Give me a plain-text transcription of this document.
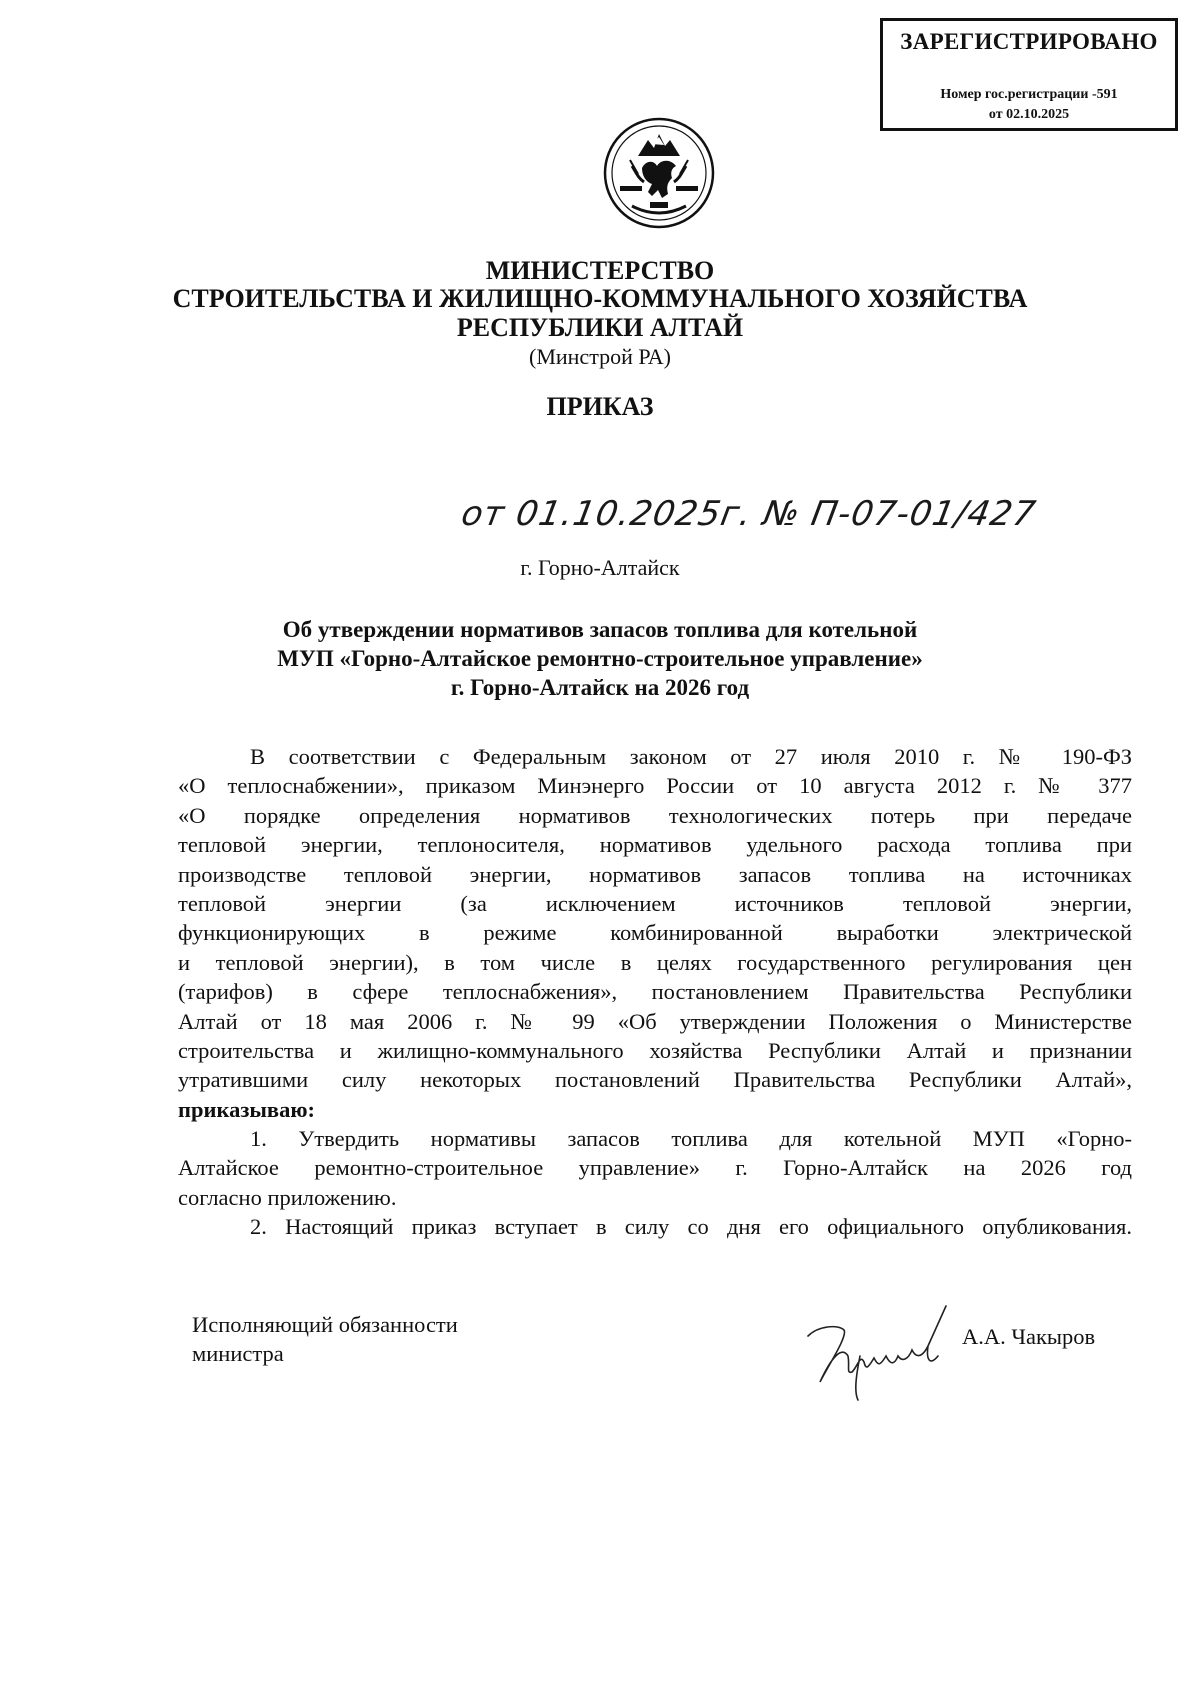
ЗАРЕГИСТРИРОВАНО
Номер гос.регистрации -591
от 02.10.2025
МИНИСТЕРСТВО
СТРОИТЕЛЬСТВА И ЖИЛИЩНО-КОММУНАЛЬНОГО ХОЗЯЙСТВА
РЕСПУБЛИКИ АЛТАЙ
(Минстрой РА)
ПРИКАЗ
от 01.10.2025г. № П-07-01/427
г. Горно-Алтайск
Об утверждении нормативов запасов топлива для котельной
МУП «Горно-Алтайское ремонтно-строительное управление»
г. Горно-Алтайск на 2026 год
В соответствии с Федеральным законом от 27 июля 2010 г. № 190-ФЗ
«О теплоснабжении», приказом Минэнерго России от 10 августа 2012 г. № 377
«О порядке определения нормативов технологических потерь при передаче
тепловой энергии, теплоносителя, нормативов удельного расхода топлива при
производстве тепловой энергии, нормативов запасов топлива на источниках
тепловой энергии (за исключением источников тепловой энергии,
функционирующих в режиме комбинированной выработки электрической
и тепловой энергии), в том числе в целях государственного регулирования цен
(тарифов) в сфере теплоснабжения», постановлением Правительства Республики
Алтай от 18 мая 2006 г. № 99 «Об утверждении Положения о Министерстве
строительства и жилищно-коммунального хозяйства Республики Алтай и признании
утратившими силу некоторых постановлений Правительства Республики Алтай»,
приказываю:
1. Утвердить нормативы запасов топлива для котельной МУП «Горно-
Алтайское ремонтно-строительное управление» г. Горно-Алтайск на 2026 год
согласно приложению.
2. Настоящий приказ вступает в силу со дня его официального опубликования.
Исполняющий обязанности
министра
А.А. Чакыров
